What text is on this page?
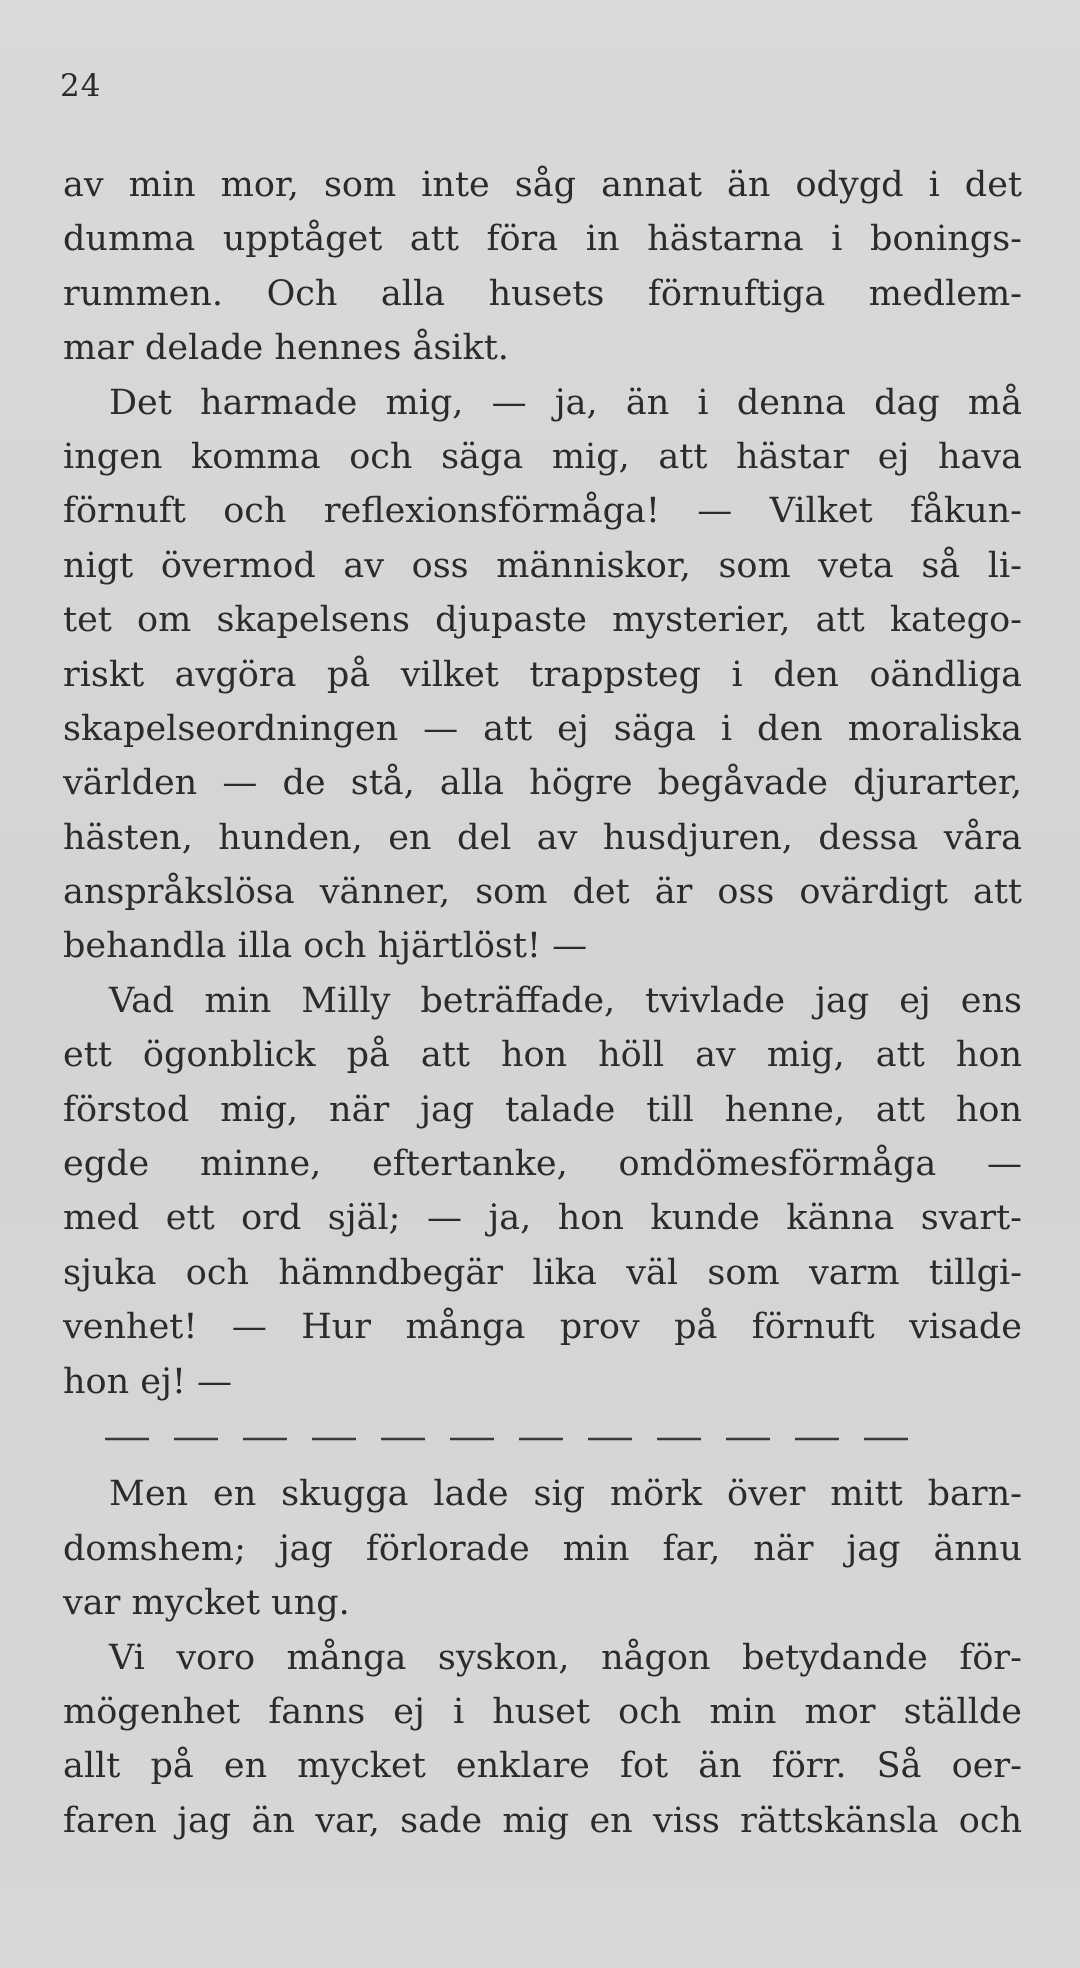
24
av min mor, som inte såg annat än odygd i det
dumma upptåget att föra in hästarna i bonings-
rummen. Och alla husets förnuftiga medlem-
mar delade hennes åsikt.
Det harmade mig, — ja, än i denna dag må
ingen komma och säga mig, att hästar ej hava
förnuft och reflexionsförmåga! — Vilket fåkun-
nigt övermod av oss människor, som veta så li-
tet om skapelsens djupaste mysterier, att katego-
riskt avgöra på vilket trappsteg i den oändliga
skapelseordningen — att ej säga i den moraliska
världen — de stå, alla högre begåvade djurarter,
hästen, hunden, en del av husdjuren, dessa våra
anspråkslösa vänner, som det är oss ovärdigt att
behandla illa och hjärtlöst! —
Vad min Milly beträffade, tvivlade jag ej ens
ett ögonblick på att hon höll av mig, att hon
förstod mig, när jag talade till henne, att hon
egde minne, eftertanke, omdömesförmåga —
med ett ord själ; — ja, hon kunde känna svart-
sjuka och hämndbegär lika väl som varm tillgi-
venhet! — Hur många prov på förnuft visade
hon ej! —
Men en skugga lade sig mörk över mitt barn-
domshem; jag förlorade min far, när jag ännu
var mycket ung.
Vi voro många syskon, någon betydande för-
mögenhet fanns ej i huset och min mor ställde
allt på en mycket enklare fot än förr. Så oer-
faren jag än var, sade mig en viss rättskänsla och
